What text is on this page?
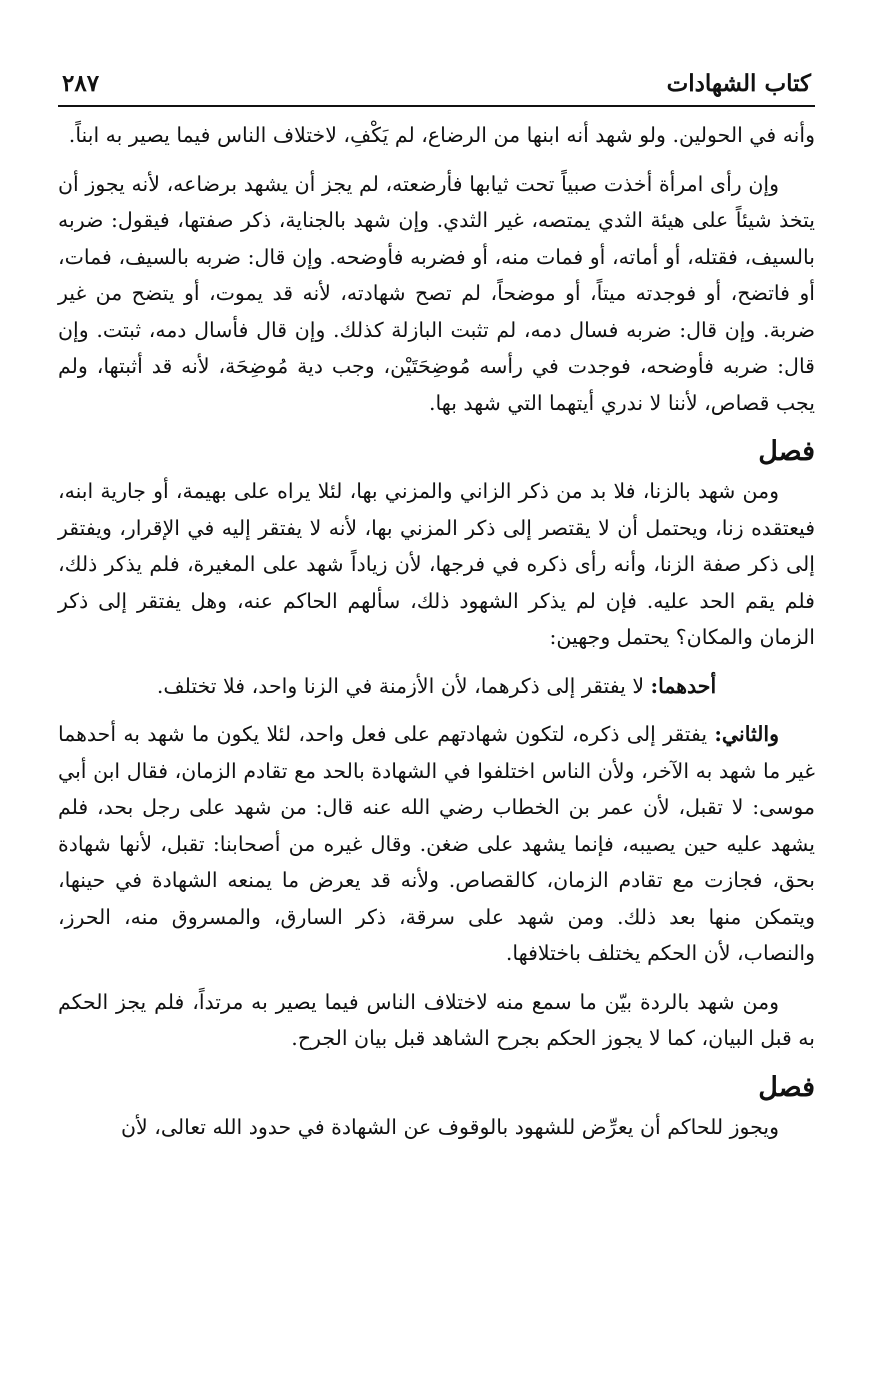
كتاب الشهادات
٢٨٧

وأنه في الحولين. ولو شهد أنه ابنها من الرضاع، لم يَكْفِ، لاختلاف الناس فيما يصير به ابناً.

وإن رأى امرأة أخذت صبياً تحت ثيابها فأرضعته، لم يجز أن يشهد برضاعه، لأنه يجوز أن يتخذ شيئاً على هيئة الثدي يمتصه، غير الثدي. وإن شهد بالجناية، ذكر صفتها، فيقول: ضربه بالسيف، فقتله، أو أماته، أو فمات منه، أو فضربه فأوضحه. وإن قال: ضربه بالسيف، فمات، أو فاتضح، أو فوجدته ميتاً، أو موضحاً، لم تصح شهادته، لأنه قد يموت، أو يتضح من غير ضربة. وإن قال: ضربه فسال دمه، لم تثبت البازلة كذلك. وإن قال فأسال دمه، ثبتت. وإن قال: ضربه فأوضحه، فوجدت في رأسه مُوضِحَتَيْن، وجب دية مُوضِحَة، لأنه قد أثبتها، ولم يجب قصاص، لأننا لا ندري أيتهما التي شهد بها.

فصل

ومن شهد بالزنا، فلا بد من ذكر الزاني والمزني بها، لئلا يراه على بهيمة، أو جارية ابنه، فيعتقده زنا، ويحتمل أن لا يقتصر إلى ذكر المزني بها، لأنه لا يفتقر إليه في الإقرار، ويفتقر إلى ذكر صفة الزنا، وأنه رأى ذكره في فرجها، لأن زياداً شهد على المغيرة، فلم يذكر ذلك، فلم يقم الحد عليه. فإن لم يذكر الشهود ذلك، سألهم الحاكم عنه، وهل يفتقر إلى ذكر الزمان والمكان؟ يحتمل وجهين:

أحدهما: لا يفتقر إلى ذكرهما، لأن الأزمنة في الزنا واحد، فلا تختلف.

والثاني: يفتقر إلى ذكره، لتكون شهادتهم على فعل واحد، لئلا يكون ما شهد به أحدهما غير ما شهد به الآخر، ولأن الناس اختلفوا في الشهادة بالحد مع تقادم الزمان، فقال ابن أبي موسى: لا تقبل، لأن عمر بن الخطاب رضي الله عنه قال: من شهد على رجل بحد، فلم يشهد عليه حين يصيبه، فإنما يشهد على ضغن. وقال غيره من أصحابنا: تقبل، لأنها شهادة بحق، فجازت مع تقادم الزمان، كالقصاص. ولأنه قد يعرض ما يمنعه الشهادة في حينها، ويتمكن منها بعد ذلك. ومن شهد على سرقة، ذكر السارق، والمسروق منه، الحرز، والنصاب، لأن الحكم يختلف باختلافها.

ومن شهد بالردة بيّن ما سمع منه لاختلاف الناس فيما يصير به مرتداً، فلم يجز الحكم به قبل البيان، كما لا يجوز الحكم بجرح الشاهد قبل بيان الجرح.

فصل

ويجوز للحاكم أن يعرِّض للشهود بالوقوف عن الشهادة في حدود الله تعالى، لأن
